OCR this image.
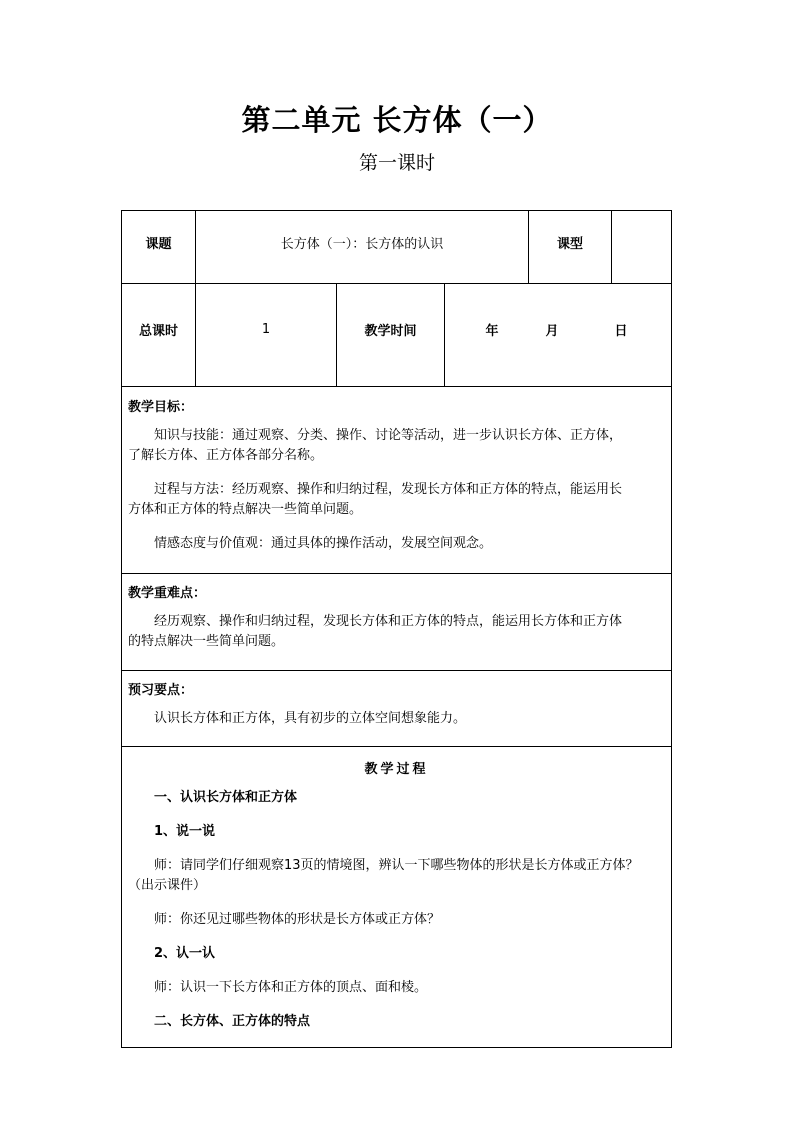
第二单元 长方体（一）
第一课时
课题	长方体（一）：长方体的认识	课型
总课时	1	教学时间	年	月	日

教学目标：

知识与技能：通过观察、分类、操作、讨论等活动，进一步认识长方体、正方体，

了解长方体、正方体各部分名称。

过程与方法：经历观察、操作和归纳过程，发现长方体和正方体的特点，能运用长

方体和正方体的特点解决一些简单问题。

情感态度与价值观：通过具体的操作活动，发展空间观念。

教学重难点：

经历观察、操作和归纳过程，发现长方体和正方体的特点，能运用长方体和正方体

的特点解决一些简单问题。

预习要点：

认识长方体和正方体，具有初步的立体空间想象能力。

教学过程

一、认识长方体和正方体

1、说一说

师：请同学们仔细观察13页的情境图，辨认一下哪些物体的形状是长方体或正方体？

（出示课件）

师：你还见过哪些物体的形状是长方体或正方体？

2、认一认

师：认识一下长方体和正方体的顶点、面和棱。

二、长方体、正方体的特点
